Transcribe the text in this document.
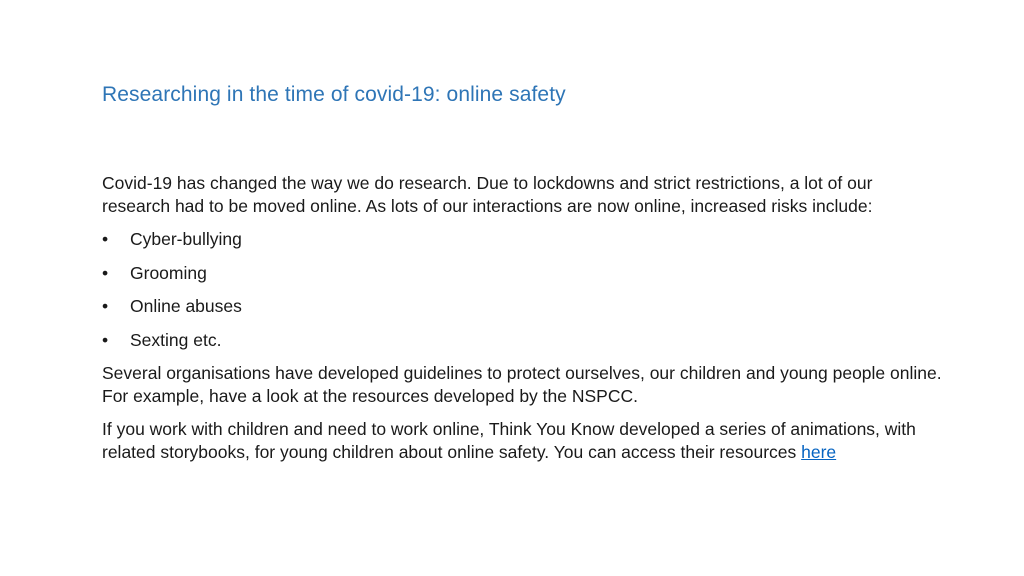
Researching in the time of covid-19: online safety

Covid-19 has changed the way we do research. Due to lockdowns and strict restrictions, a lot of our research had to be moved online. As lots of our interactions are now online, increased risks include:

•	Cyber-bullying
•	Grooming
•	Online abuses
•	Sexting etc.

Several organisations have developed guidelines to protect ourselves, our children and young people online. For example, have a look at the resources developed by the NSPCC.

If you work with children and need to work online, Think You Know developed a series of animations, with related storybooks, for young children about online safety. You can access their resources here
